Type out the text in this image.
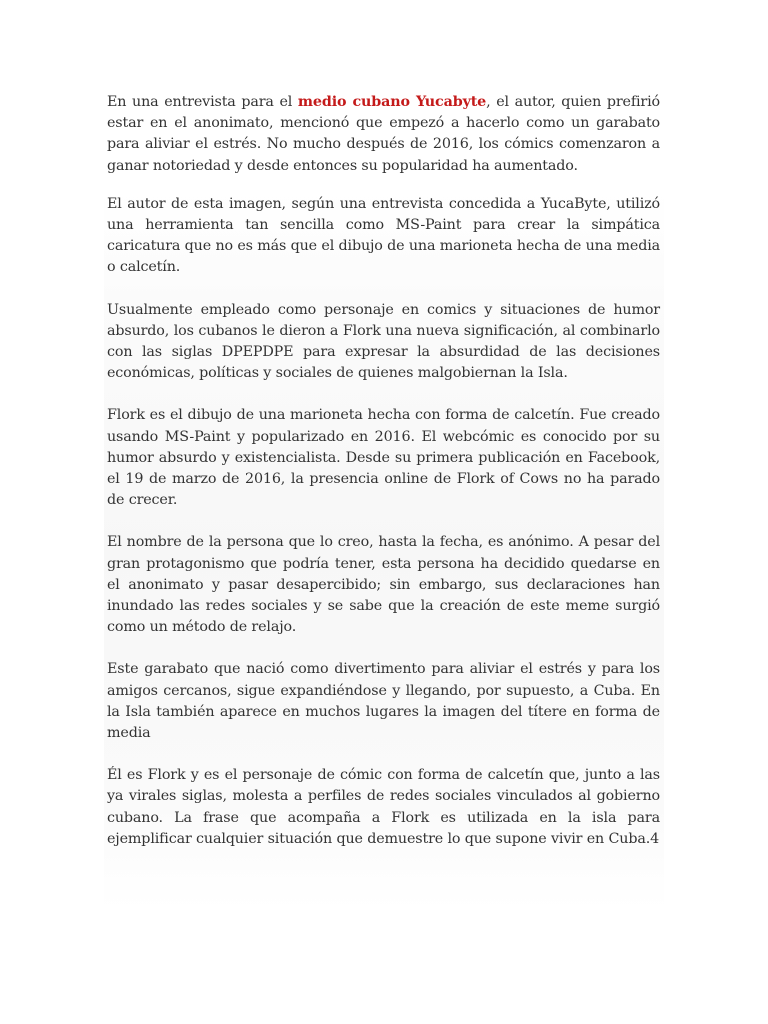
En una entrevista para el medio cubano Yucabyte, el autor, quien prefirió estar en el anonimato, mencionó que empezó a hacerlo como un garabato para aliviar el estrés. No mucho después de 2016, los cómics comenzaron a ganar notoriedad y desde entonces su popularidad ha aumentado.

El autor de esta imagen, según una entrevista concedida a YucaByte, utilizó una herramienta tan sencilla como MS-Paint para crear la simpática caricatura que no es más que el dibujo de una marioneta hecha de una media o calcetín.

Usualmente empleado como personaje en comics y situaciones de humor absurdo, los cubanos le dieron a Flork una nueva significación, al combinarlo con las siglas DPEPDPE para expresar la absurdidad de las decisiones económicas, políticas y sociales de quienes malgobiernan la Isla.

Flork es el dibujo de una marioneta hecha con forma de calcetín. Fue creado usando MS-Paint y popularizado en 2016. El webcómic es conocido por su humor absurdo y existencialista. Desde su primera publicación en Facebook, el 19 de marzo de 2016, la presencia online de Flork of Cows no ha parado de crecer.

El nombre de la persona que lo creo, hasta la fecha, es anónimo. A pesar del gran protagonismo que podría tener, esta persona ha decidido quedarse en el anonimato y pasar desapercibido; sin embargo, sus declaraciones han inundado las redes sociales y se sabe que la creación de este meme surgió como un método de relajo.

Este garabato que nació como divertimento para aliviar el estrés y para los amigos cercanos, sigue expandiéndose y llegando, por supuesto, a Cuba. En la Isla también aparece en muchos lugares la imagen del títere en forma de media

Él es Flork y es el personaje de cómic con forma de calcetín que, junto a las ya virales siglas, molesta a perfiles de redes sociales vinculados al gobierno cubano. La frase que acompaña a Flork es utilizada en la isla para ejemplificar cualquier situación que demuestre lo que supone vivir en Cuba.4
